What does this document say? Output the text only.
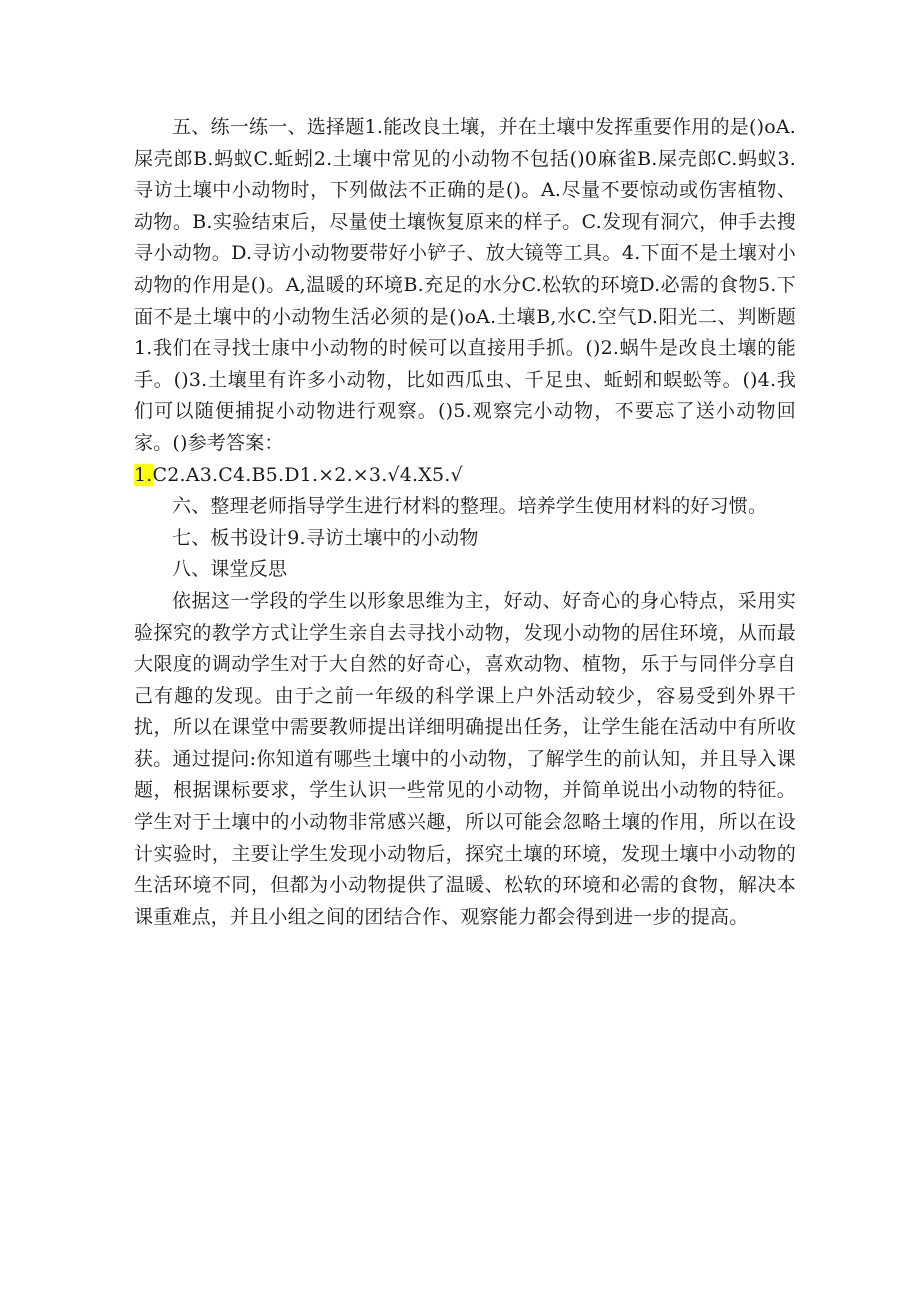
五、练一练一、选择题1.能改良土壤，并在土壤中发挥重要作用的是()oA.屎壳郎B.蚂蚁C.蚯蚓2.土壤中常见的小动物不包括()0麻雀B.屎壳郎C.蚂蚁3.寻访土壤中小动物时，下列做法不正确的是()。A.尽量不要惊动或伤害植物、动物。B.实验结束后，尽量使土壤恢复原来的样子。C.发现有洞穴，伸手去搜寻小动物。D.寻访小动物要带好小铲子、放大镜等工具。4.下面不是土壤对小动物的作用是()。A,温暖的环境B.充足的水分C.松软的环境D.必需的食物5.下面不是土壤中的小动物生活必须的是()oA.土壤B,水C.空气D.阳光二、判断题1.我们在寻找士康中小动物的时候可以直接用手抓。()2.蜗牛是改良土壤的能手。()3.土壤里有许多小动物，比如西瓜虫、千足虫、蚯蚓和蜈蚣等。()4.我们可以随便捕捉小动物进行观察。()5.观察完小动物，不要忘了送小动物回家。()参考答案：

1.C2.A3.C4.B5.D1.×2.×3.√4.X5.√

六、整理老师指导学生进行材料的整理。培养学生使用材料的好习惯。

七、板书设计9.寻访土壤中的小动物

八、课堂反思

依据这一学段的学生以形象思维为主，好动、好奇心的身心特点，采用实验探究的教学方式让学生亲自去寻找小动物，发现小动物的居住环境，从而最大限度的调动学生对于大自然的好奇心，喜欢动物、植物，乐于与同伴分享自己有趣的发现。由于之前一年级的科学课上户外活动较少，容易受到外界干扰，所以在课堂中需要教师提出详细明确提出任务，让学生能在活动中有所收获。通过提问:你知道有哪些土壤中的小动物，了解学生的前认知，并且导入课题，根据课标要求，学生认识一些常见的小动物，并简单说出小动物的特征。学生对于土壤中的小动物非常感兴趣，所以可能会忽略土壤的作用，所以在设计实验时，主要让学生发现小动物后，探究土壤的环境，发现土壤中小动物的生活环境不同，但都为小动物提供了温暖、松软的环境和必需的食物，解决本课重难点，并且小组之间的团结合作、观察能力都会得到进一步的提高。
